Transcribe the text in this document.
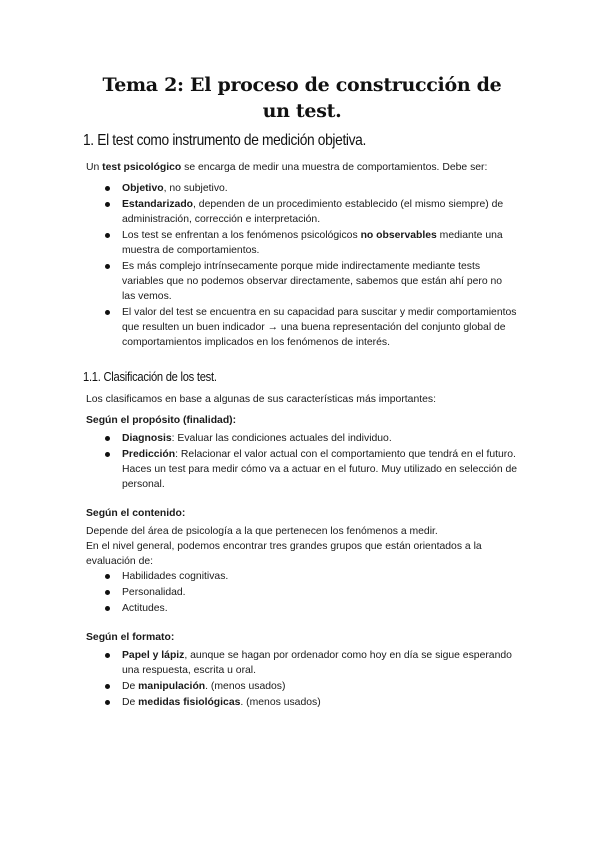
Tema 2: El proceso de construcción de un test.
1. El test como instrumento de medición objetiva.

Un test psicológico se encarga de medir una muestra de comportamientos. Debe ser:

Objetivo, no subjetivo.
Estandarizado, dependen de un procedimiento establecido (el mismo siempre) de administración, corrección e interpretación.
Los test se enfrentan a los fenómenos psicológicos no observables mediante una muestra de comportamientos.
Es más complejo intrínsecamente porque mide indirectamente mediante tests variables que no podemos observar directamente, sabemos que están ahí pero no las vemos.
El valor del test se encuentra en su capacidad para suscitar y medir comportamientos que resulten un buen indicador → una buena representación del conjunto global de comportamientos implicados en los fenómenos de interés.
1.1. Clasificación de los test.

Los clasificamos en base a algunas de sus características más importantes:

Según el propósito (finalidad):

Diagnosis: Evaluar las condiciones actuales del individuo.
Predicción: Relacionar el valor actual con el comportamiento que tendrá en el futuro. Haces un test para medir cómo va a actuar en el futuro. Muy utilizado en selección de personal.

Según el contenido:

Depende del área de psicología a la que pertenecen los fenómenos a medir.

En el nivel general, podemos encontrar tres grandes grupos que están orientados a la evaluación de:

Habilidades cognitivas.
Personalidad.
Actitudes.

Según el formato:

Papel y lápiz, aunque se hagan por ordenador como hoy en día se sigue esperando una respuesta, escrita u oral.
De manipulación. (menos usados)
De medidas fisiológicas. (menos usados)
